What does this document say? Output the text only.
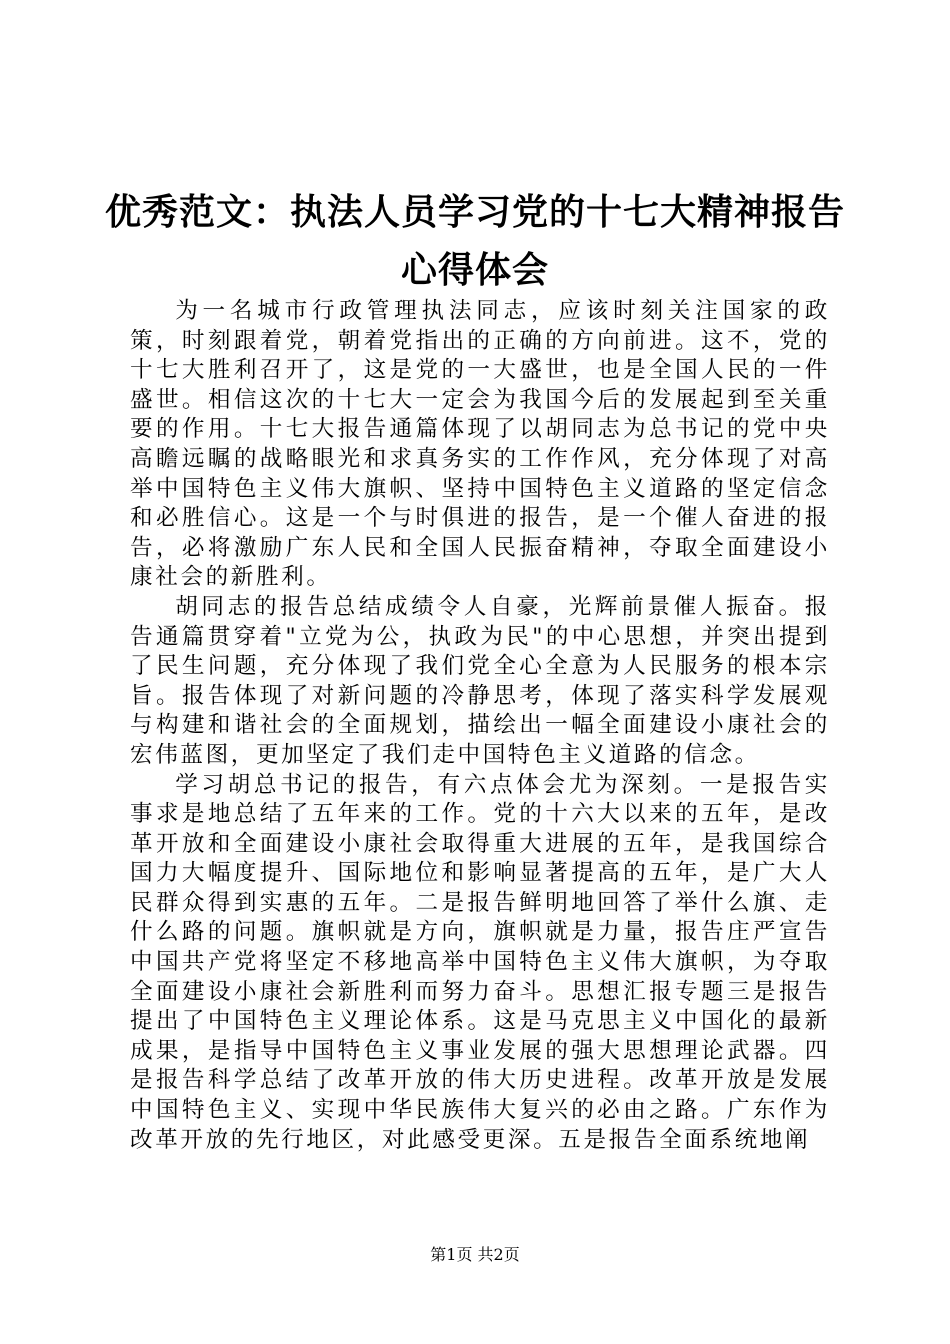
优秀范文：执法人员学习党的十七大精神报告
心得体会

为一名城市行政管理执法同志，应该时刻关注国家的政策，时刻跟着党，朝着党指出的正确的方向前进。这不，党的十七大胜利召开了，这是党的一大盛世，也是全国人民的一件盛世。相信这次的十七大一定会为我国今后的发展起到至关重要的作用。十七大报告通篇体现了以胡同志为总书记的党中央高瞻远瞩的战略眼光和求真务实的工作作风，充分体现了对高举中国特色主义伟大旗帜、坚持中国特色主义道路的坚定信念和必胜信心。这是一个与时俱进的报告，是一个催人奋进的报告，必将激励广东人民和全国人民振奋精神，夺取全面建设小康社会的新胜利。

胡同志的报告总结成绩令人自豪，光辉前景催人振奋。报告通篇贯穿着"立党为公，执政为民"的中心思想，并突出提到了民生问题，充分体现了我们党全心全意为人民服务的根本宗旨。报告体现了对新问题的冷静思考，体现了落实科学发展观与构建和谐社会的全面规划，描绘出一幅全面建设小康社会的宏伟蓝图，更加坚定了我们走中国特色主义道路的信念。

学习胡总书记的报告，有六点体会尤为深刻。一是报告实事求是地总结了五年来的工作。党的十六大以来的五年，是改革开放和全面建设小康社会取得重大进展的五年，是我国综合国力大幅度提升、国际地位和影响显著提高的五年，是广大人民群众得到实惠的五年。二是报告鲜明地回答了举什么旗、走什么路的问题。旗帜就是方向，旗帜就是力量，报告庄严宣告中国共产党将坚定不移地高举中国特色主义伟大旗帜，为夺取全面建设小康社会新胜利而努力奋斗。思想汇报专题三是报告提出了中国特色主义理论体系。这是马克思主义中国化的最新成果，是指导中国特色主义事业发展的强大思想理论武器。四是报告科学总结了改革开放的伟大历史进程。改革开放是发展中国特色主义、实现中华民族伟大复兴的必由之路。广东作为改革开放的先行地区，对此感受更深。五是报告全面系统地阐

第1页 共2页
